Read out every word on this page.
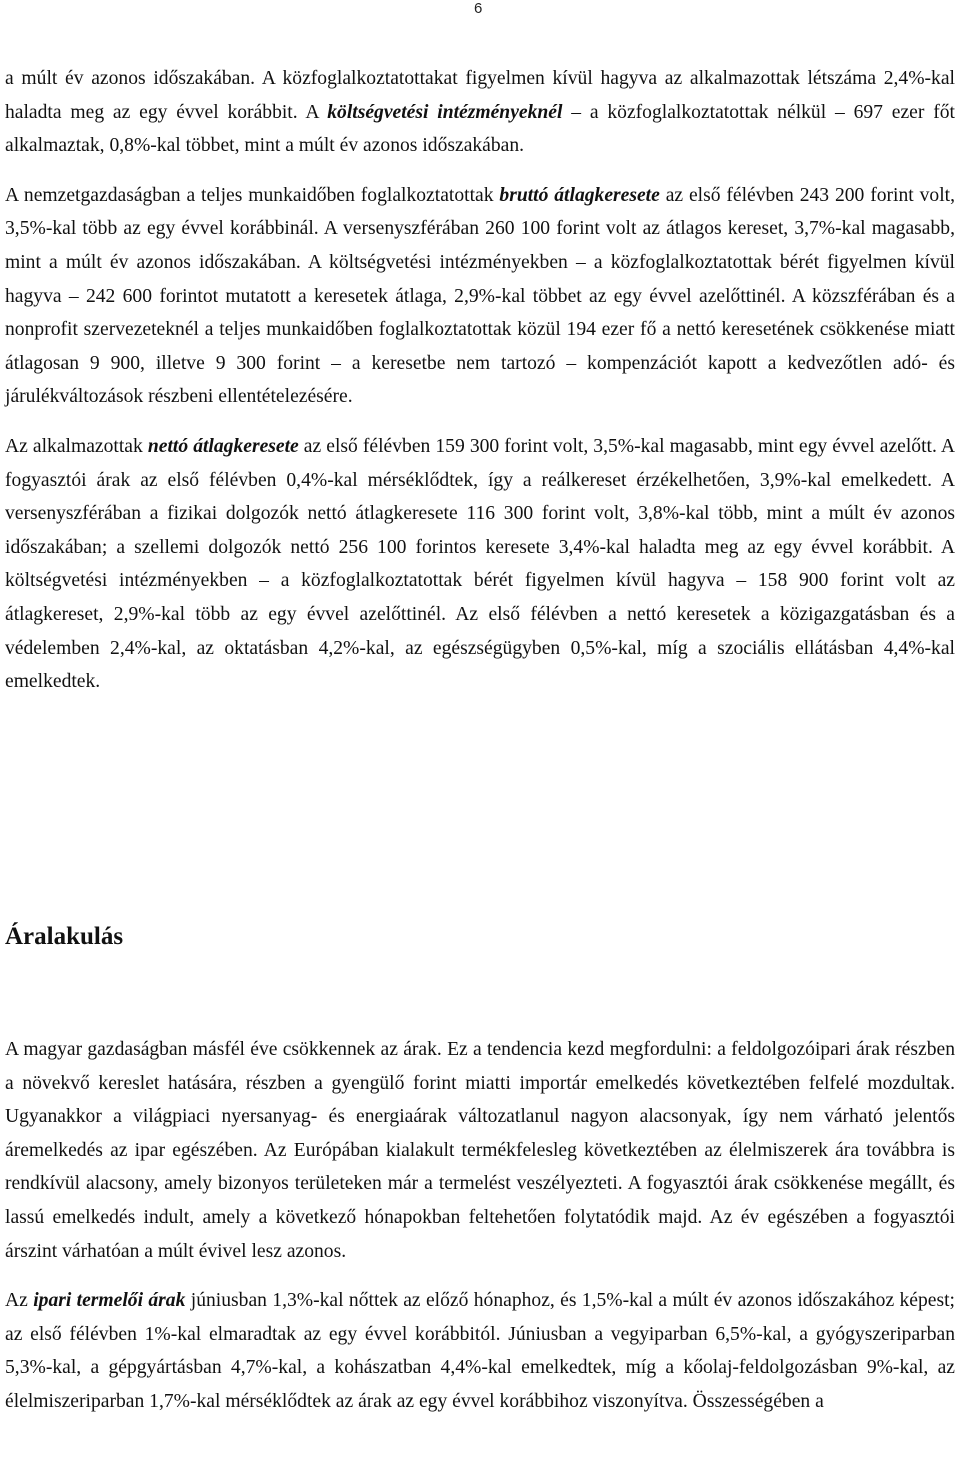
6

a múlt év azonos időszakában. A közfoglalkoztatottakat figyelmen kívül hagyva az alkalmazottak létszáma 2,4%-kal haladta meg az egy évvel korábbit. A költségvetési intézményeknél – a közfoglalkoztatottak nélkül – 697 ezer főt alkalmaztak, 0,8%-kal többet, mint a múlt év azonos időszakában.

A nemzetgazdaságban a teljes munkaidőben foglalkoztatottak bruttó átlagkeresete az első félévben 243 200 forint volt, 3,5%-kal több az egy évvel korábbinál. A versenyszférában 260 100 forint volt az átlagos kereset, 3,7%-kal magasabb, mint a múlt év azonos időszakában. A költségvetési intézményekben – a közfoglalkoztatottak bérét figyelmen kívül hagyva – 242 600 forintot mutatott a keresetek átlaga, 2,9%-kal többet az egy évvel azelőttinél. A közszférában és a nonprofit szervezeteknél a teljes munkaidőben foglalkoztatottak közül 194 ezer fő a nettó keresetének csökkenése miatt átlagosan 9 900, illetve 9 300 forint – a keresetbe nem tartozó – kompenzációt kapott a kedvezőtlen adó- és járulékváltozások részbeni ellentételezésére.

Az alkalmazottak nettó átlagkeresete az első félévben 159 300 forint volt, 3,5%-kal magasabb, mint egy évvel azelőtt. A fogyasztói árak az első félévben 0,4%-kal mérséklődtek, így a reálkereset érzékelhetően, 3,9%-kal emelkedett. A versenyszférában a fizikai dolgozók nettó átlagkeresete 116 300 forint volt, 3,8%-kal több, mint a múlt év azonos időszakában; a szellemi dolgozók nettó 256 100 forintos keresete 3,4%-kal haladta meg az egy évvel korábbit. A költségvetési intézményekben – a közfoglalkoztatottak bérét figyelmen kívül hagyva – 158 900 forint volt az átlagkereset, 2,9%-kal több az egy évvel azelőttinél. Az első félévben a nettó keresetek a közigazgatásban és a védelemben 2,4%-kal, az oktatásban 4,2%-kal, az egészségügyben 0,5%-kal, míg a szociális ellátásban 4,4%-kal emelkedtek.

Áralakulás

A magyar gazdaságban másfél éve csökkennek az árak. Ez a tendencia kezd megfordulni: a feldolgozóipari árak részben a növekvő kereslet hatására, részben a gyengülő forint miatti importár emelkedés következtében felfelé mozdultak. Ugyanakkor a világpiaci nyersanyag- és energiaárak változatlanul nagyon alacsonyak, így nem várható jelentős áremelkedés az ipar egészében. Az Európában kialakult termékfelesleg következtében az élelmiszerek ára továbbra is rendkívül alacsony, amely bizonyos területeken már a termelést veszélyezteti. A fogyasztói árak csökkenése megállt, és lassú emelkedés indult, amely a következő hónapokban feltehetően folytatódik majd. Az év egészében a fogyasztói árszint várhatóan a múlt évivel lesz azonos.

Az ipari termelői árak júniusban 1,3%-kal nőttek az előző hónaphoz, és 1,5%-kal a múlt év azonos időszakához képest; az első félévben 1%-kal elmaradtak az egy évvel korábbitól. Júniusban a vegyiparban 6,5%-kal, a gyógyszeriparban 5,3%-kal, a gépgyártásban 4,7%-kal, a kohászatban 4,4%-kal emelkedtek, míg a kőolaj-feldolgozásban 9%-kal, az élelmiszeriparban 1,7%-kal mérséklődtek az árak az egy évvel korábbihoz viszonyítva. Összességében a
